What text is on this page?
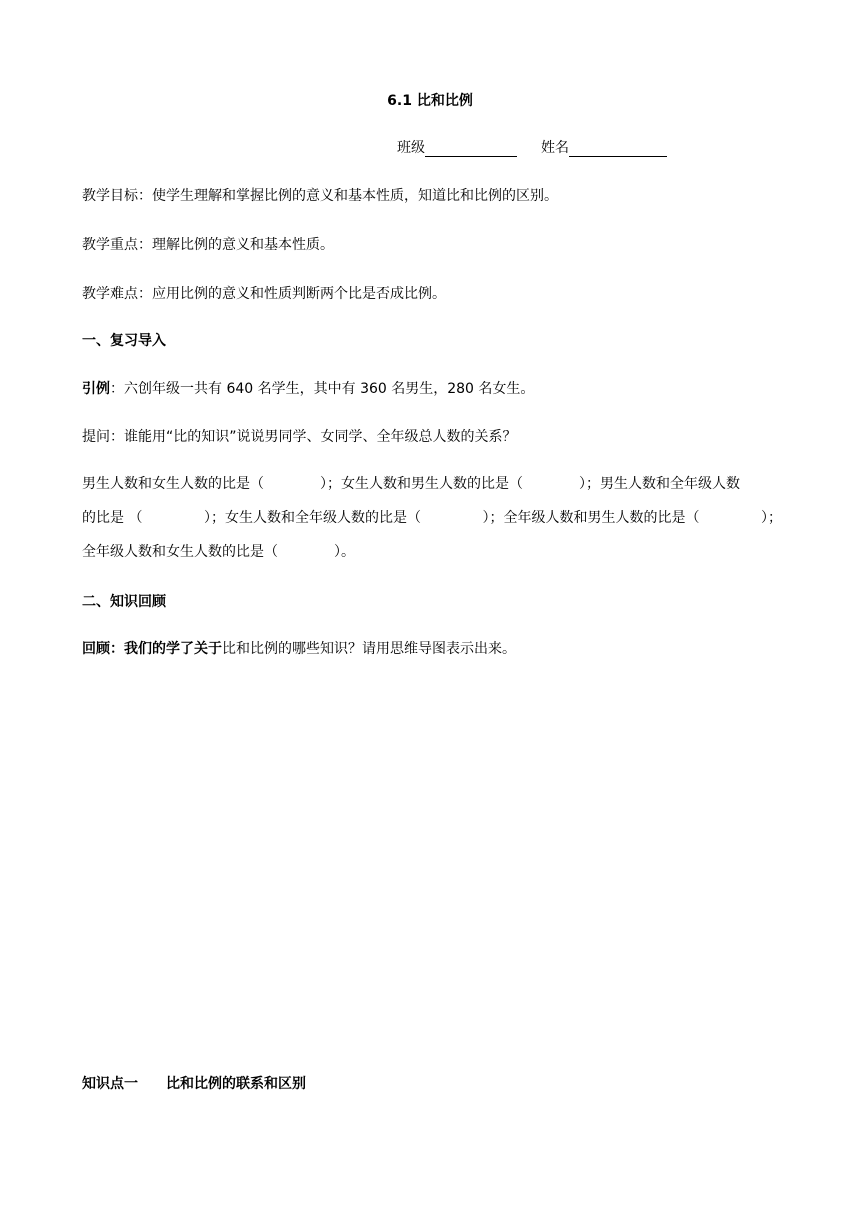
6.1 比和比例
班级	姓名
教学目标：使学生理解和掌握比例的意义和基本性质，知道比和比例的区别。
教学重点：理解比例的意义和基本性质。
教学难点：应用比例的意义和性质判断两个比是否成比例。
一、复习导入
引例：六创年级一共有 640 名学生，其中有 360 名男生，280 名女生。
提问：谁能用“比的知识”说说男同学、女同学、全年级总人数的关系？
男生人数和女生人数的比是（	）；女生人数和男生人数的比是（	）；男生人数和全年级人数
的比是 （	）；女生人数和全年级人数的比是（	）；全年级人数和男生人数的比是（	）；
全年级人数和女生人数的比是（	）。
二、知识回顾
回顾：我们的学了关于比和比例的哪些知识？请用思维导图表示出来。
知识点一 比和比例的联系和区别
